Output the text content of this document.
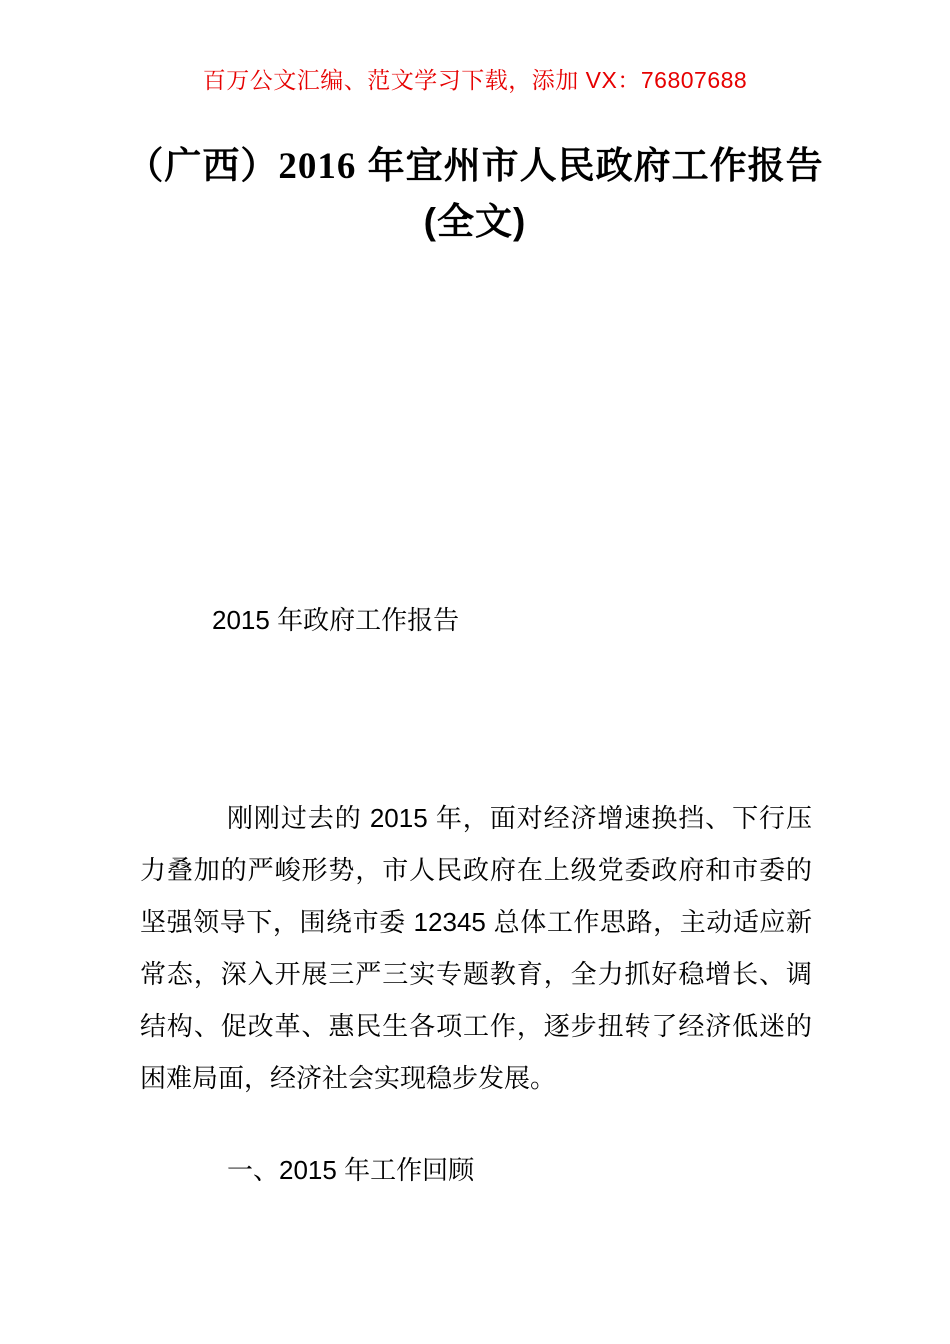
百万公文汇编、范文学习下载，添加 VX：76807688
（广西）2016 年宜州市人民政府工作报告
(全文)
2015 年政府工作报告

刚刚过去的 2015 年，面对经济增速换挡、下行压力叠加的严峻形势，市人民政府在上级党委政府和市委的坚强领导下，围绕市委 12345 总体工作思路，主动适应新常态，深入开展三严三实专题教育，全力抓好稳增长、调结构、促改革、惠民生各项工作，逐步扭转了经济低迷的困难局面，经济社会实现稳步发展。

一、2015 年工作回顾
